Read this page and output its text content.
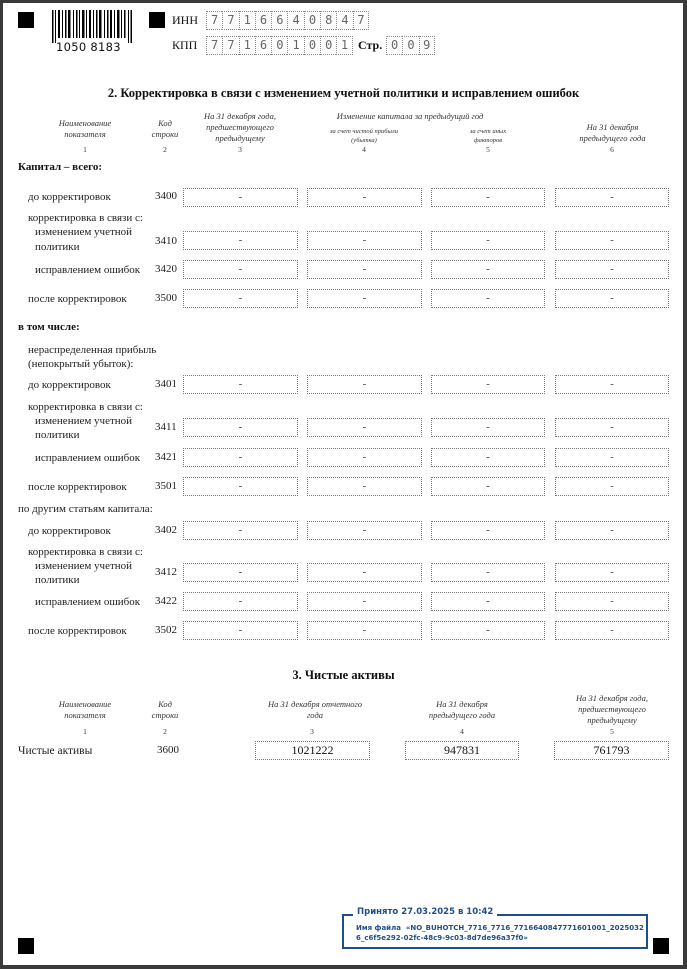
1050 8183
ИНН	7 7 1 6 6 4 0 8 4 7
КПП	7 7 1 6 0 1 0 0 1 Стр. 0 0 9
2. Корректировка в связи с изменением учетной политики и исправлением ошибок
Наименование показателя
Код строки
На 31 декабря года, предшествующего предыдущему
Изменение капитала за предыдущий год
за счет чистой прибыли (убытка)
за счет иных факторов
На 31 декабря предыдущего года
1	2	3	4	5	6
Капитал – всего:
до корректировок	3400	-	-	-	-
корректировка в связи с:
изменением учетной
политики	3410	-	-	-	-
исправлением ошибок 3420	-	-	-	-
после корректировок	3500	-	-	-	-
в том числе:
нераспределенная прибыль (непокрытый убыток):
до корректировок	3401	-	-	-	-
корректировка в связи с:
изменением учетной
политики
3411	-	-	-	-
исправлением ошибок 3421	-	-	-	-
после корректировок	3501	-	-	-	-
по другим статьям капитала:
до корректировок	3402	-	-	-	-
корректировка в связи с:
изменением учетной
политики
3412	-	-	-	-
исправлением ошибок 3422	-	-	-	-
после корректировок	3502	-	-	-	-
3. Чистые активы
Наименование показателя
Код строки
На 31 декабря отчетного года
На 31 декабря предыдущего года
На 31 декабря года, предшествующего предыдущему
1	2	3	4	5
Чистые активы	3600	1021222	947831	761793
Принято 27.03.2025 в 10:42
Имя файла «NO_BUHOTCH_7716_7716_7716640847771601001_20250326_c6f5e292-02fc-48c9-9c03-8d7de96a37f0»
